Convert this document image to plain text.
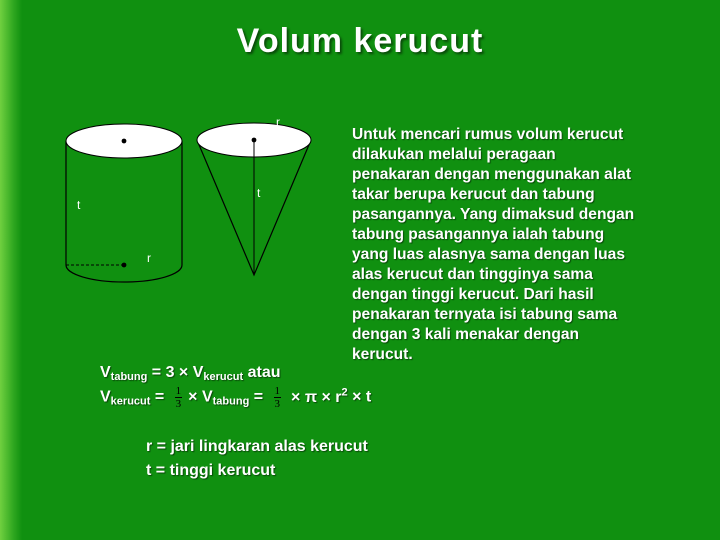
Volum kerucut
t
r
t
r
Untuk mencari rumus volum kerucut
dilakukan melalui peragaan
penakaran dengan menggunakan alat
takar berupa kerucut dan tabung
pasangannya. Yang dimaksud dengan
tabung pasangannya ialah tabung
yang luas alasnya sama dengan luas
alas kerucut dan tingginya sama
dengan tinggi kerucut. Dari hasil
penakaran ternyata isi tabung sama
dengan 3 kali menakar dengan
kerucut.
$V_{tabung} = 3 \times V_{kerucut}$ atau
$V_{kerucut} = \frac{1}{3} \times V_{tabung} = \frac{1}{3} \times \pi \times r^2 \times t$
r = jari lingkaran alas kerucut
t = tinggi kerucut
